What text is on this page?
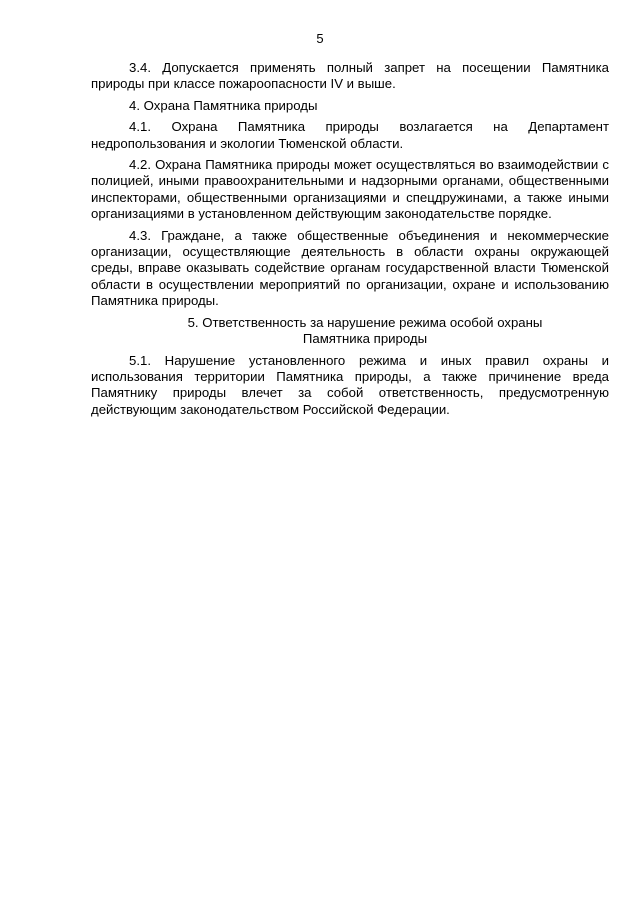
5

3.4. Допускается применять полный запрет на посещении Памятника природы при классе пожароопасности IV и выше.

4. Охрана Памятника природы

4.1. Охрана Памятника природы возлагается на Департамент недропользования и экологии Тюменской области.

4.2. Охрана Памятника природы может осуществляться во взаимодействии с полицией, иными правоохранительными и надзорными органами, общественными инспекторами, общественными организациями и спецдружинами, а также иными организациями в установленном действующим законодательстве порядке.

4.3. Граждане, а также общественные объединения и некоммерческие организации, осуществляющие деятельность в области охраны окружающей среды, вправе оказывать содействие органам государственной власти Тюменской области в осуществлении мероприятий по организации, охране и использованию Памятника природы.

5. Ответственность за нарушение режима особой охраны
Памятника природы

5.1. Нарушение установленного режима и иных правил охраны и использования территории Памятника природы, а также причинение вреда Памятнику природы влечет за собой ответственность, предусмотренную действующим законодательством Российской Федерации.
